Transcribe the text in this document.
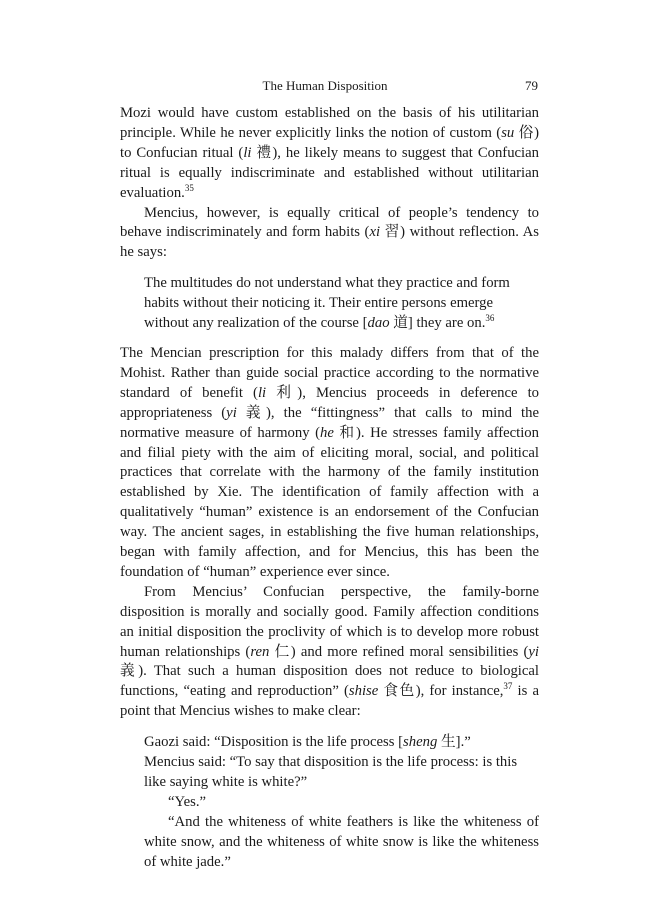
The Human Disposition	79

Mozi would have custom established on the basis of his utilitarian principle. While he never explicitly links the notion of custom (su 俗) to Confucian ritual (li 禮), he likely means to suggest that Confucian ritual is equally indiscriminate and established without utilitarian evaluation.$^{35}$

Mencius, however, is equally critical of people’s tendency to behave indiscriminately and form habits (xi 習) without reflection. As he says:

The multitudes do not understand what they practice and form habits without their noticing it. Their entire persons emerge without any realization of the course [dao 道] they are on.$^{36}$

The Mencian prescription for this malady differs from that of the Mohist. Rather than guide social practice according to the normative standard of benefit (li 利), Mencius proceeds in deference to appropriateness (yi 義), the “fittingness” that calls to mind the normative measure of harmony (he 和). He stresses family affection and filial piety with the aim of eliciting moral, social, and political practices that correlate with the harmony of the family institution established by Xie. The identification of family affection with a qualitatively “human” existence is an endorsement of the Confucian way. The ancient sages, in establishing the five human relationships, began with family affection, and for Mencius, this has been the foundation of “human” experience ever since.

From Mencius’ Confucian perspective, the family-borne disposition is morally and socially good. Family affection conditions an initial disposition the proclivity of which is to develop more robust human relationships (ren 仁) and more refined moral sensibilities (yi 義). That such a human disposition does not reduce to biological functions, “eating and reproduction” (shise 食色), for instance,$^{37}$ is a point that Mencius wishes to make clear:

Gaozi said: “Disposition is the life process [sheng 生].”
Mencius said: “To say that disposition is the life process: is this like saying white is white?”
“Yes.”
“And the whiteness of white feathers is like the whiteness of white snow, and the whiteness of white snow is like the whiteness of white jade.”
